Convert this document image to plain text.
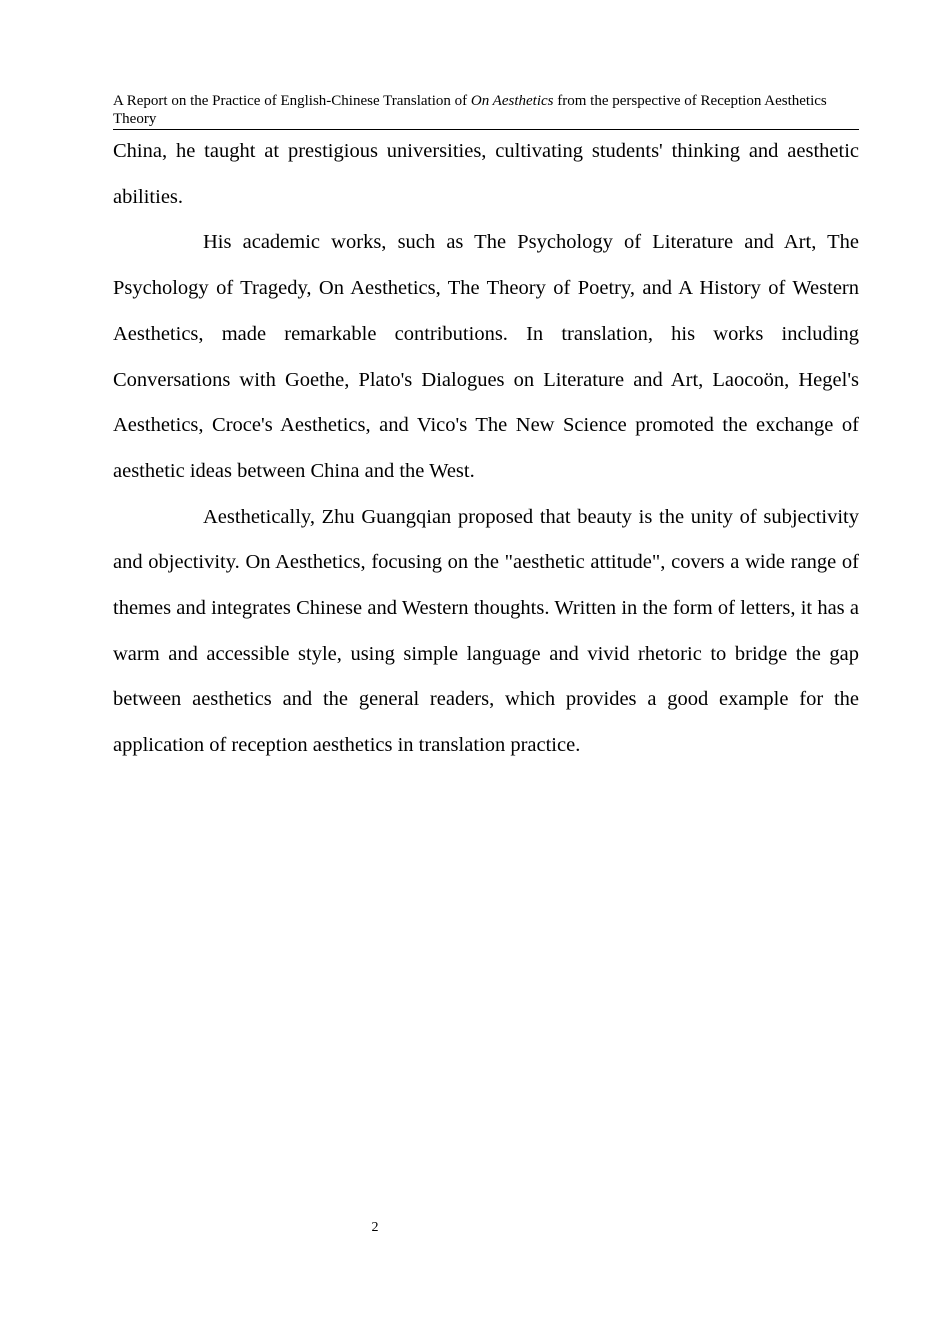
A Report on the Practice of English-Chinese Translation of On Aesthetics from the perspective of Reception Aesthetics Theory

China, he taught at prestigious universities, cultivating students' thinking and aesthetic abilities.

His academic works, such as The Psychology of Literature and Art, The Psychology of Tragedy, On Aesthetics, The Theory of Poetry, and A History of Western Aesthetics, made remarkable contributions. In translation, his works including Conversations with Goethe, Plato's Dialogues on Literature and Art, Laocoön, Hegel's Aesthetics, Croce's Aesthetics, and Vico's The New Science promoted the exchange of aesthetic ideas between China and the West.

Aesthetically, Zhu Guangqian proposed that beauty is the unity of subjectivity and objectivity. On Aesthetics, focusing on the "aesthetic attitude", covers a wide range of themes and integrates Chinese and Western thoughts. Written in the form of letters, it has a warm and accessible style, using simple language and vivid rhetoric to bridge the gap between aesthetics and the general readers, which provides a good example for the application of reception aesthetics in translation practice.

2
